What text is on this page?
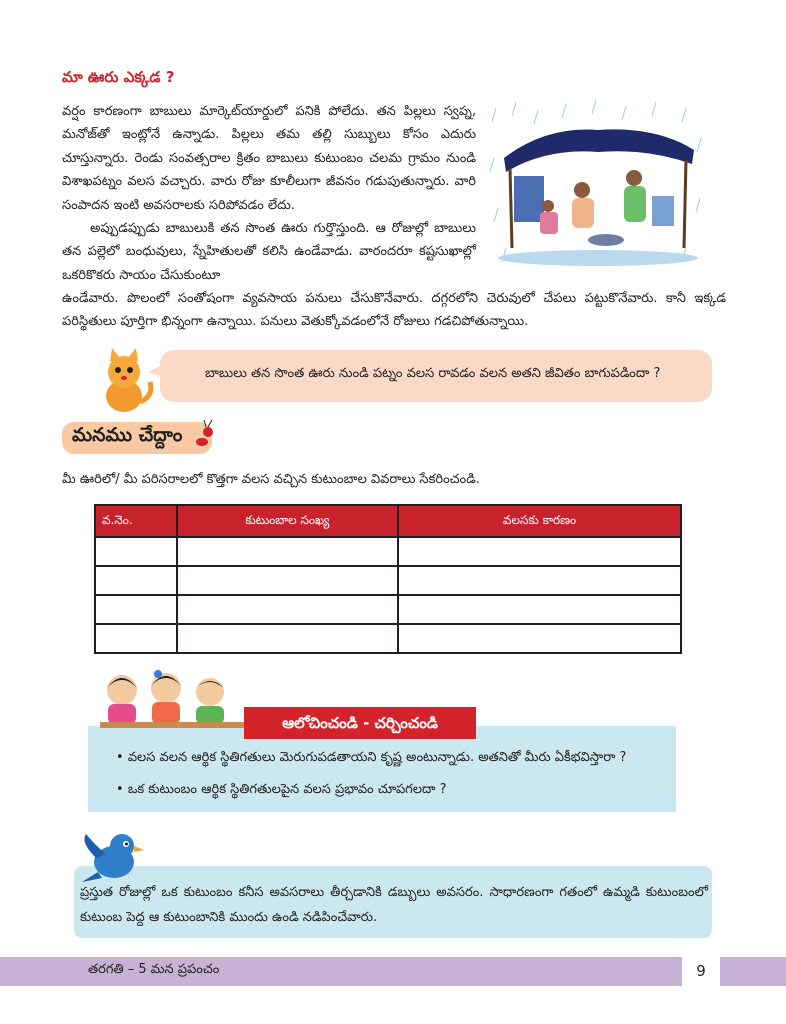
మా ఊరు ఎక్కడ ?

వర్షం కారణంగా బాబులు మార్కెట్‌యార్డులో పనికి పోలేదు. తన పిల్లలు స్వప్న, మనోజ్‌తో ఇంట్లోనే ఉన్నాడు. పిల్లలు తమ తల్లి సుబ్బులు కోసం ఎదురు చూస్తున్నారు. రెండు సంవత్సరాల క్రితం బాబులు కుటుంబం చలమ గ్రామం నుండి విశాఖపట్నం వలస వచ్చారు. వారు రోజు కూలీలుగా జీవనం గడుపుతున్నారు. వారి సంపాదన ఇంటి అవసరాలకు సరిపోవడం లేదు.

అప్పుడప్పుడు బాబులుకి తన సొంత ఊరు గుర్తొస్తుంది. ఆ రోజుల్లో బాబులు తన పల్లెలో బంధువులు, స్నేహితులతో కలిసి ఉండేవాడు. వారందరూ కష్టసుఖాల్లో ఒకరికొకరు సాయం చేసుకుంటూ

ఉండేవారు. పొలంలో సంతోషంగా వ్యవసాయ పనులు చేసుకొనేవారు. దగ్గరలోని చెరువులో చేపలు పట్టుకొనేవారు. కానీ ఇక్కడ పరిస్థితులు పూర్తిగా భిన్నంగా ఉన్నాయి. పనులు వెతుక్కోవడంలోనే రోజులు గడచిపోతున్నాయి.

బాబులు తన సొంత ఊరు నుండి పట్నం వలస రావడం వలన అతని జీవితం బాగుపడిందా ?
మనము చేద్దాం
మీ ఊరిలో/ మీ పరిసరాలలో కొత్తగా వలస వచ్చిన కుటుంబాల వివరాలు సేకరించండి.
వ.నెం.	కుటుంబాల సంఖ్య	వలసకు కారణం

ఆలోచించండి - చర్చించండి
• వలస వలన ఆర్థిక స్థితిగతులు మెరుగుపడతాయని కృష్ణ అంటున్నాడు. అతనితో మీరు ఏకీభవిస్తారా ?
• ఒక కుటుంబం ఆర్థిక స్థితిగతులపైన వలస ప్రభావం చూపగలదా ?
ప్రస్తుత రోజుల్లో ఒక కుటుంబం కనీస అవసరాలు తీర్చడానికి డబ్బులు అవసరం. సాధారణంగా గతంలో ఉమ్మడి కుటుంబంలో కుటుంబ పెద్ద ఆ కుటుంబానికి ముందు ఉండి నడిపించేవారు.
తరగతి – 5 మన ప్రపంచం	9
